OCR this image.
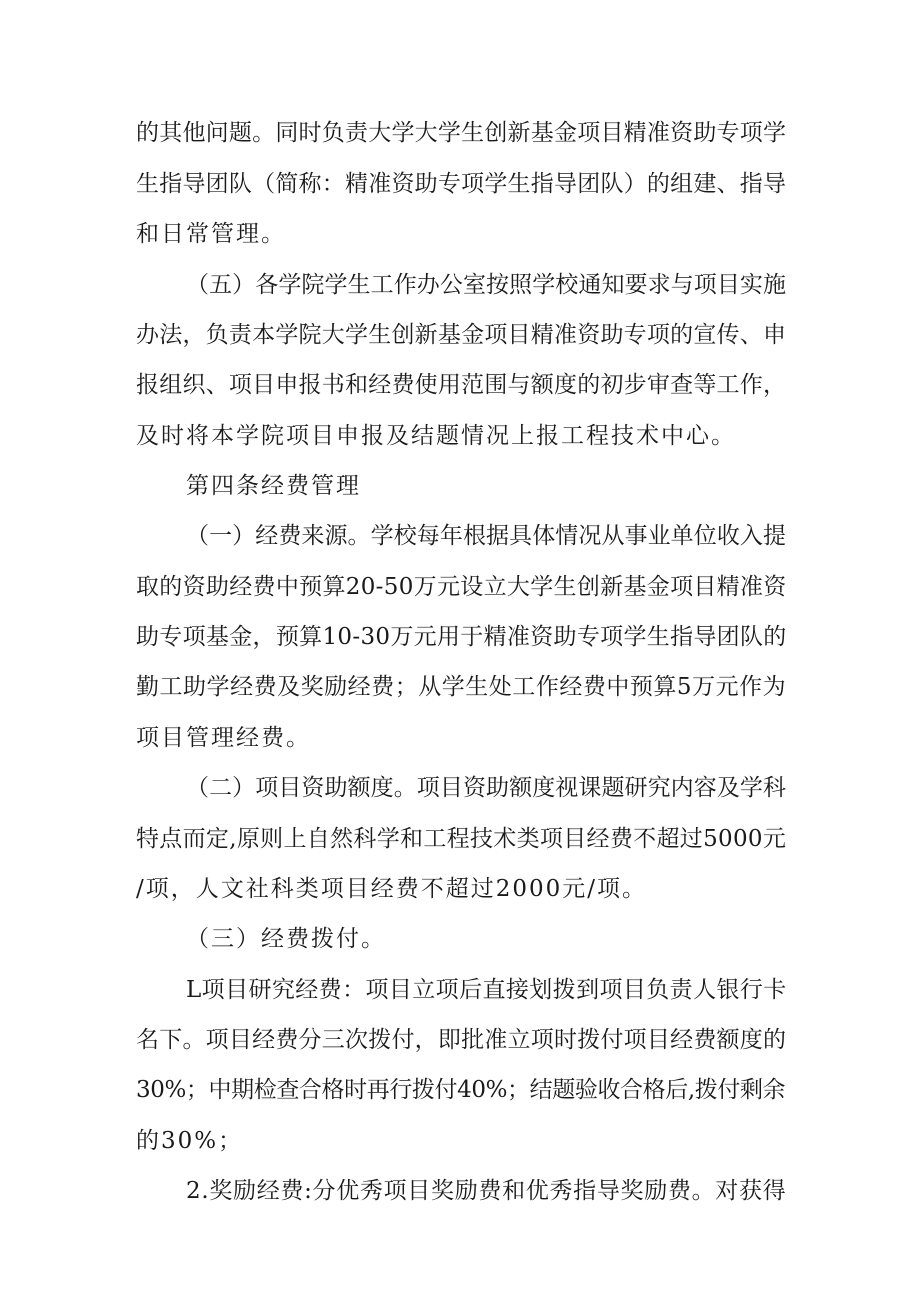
的其他问题。同时负责大学大学生创新基金项目精准资助专项学
生指导团队（简称：精准资助专项学生指导团队）的组建、指导
和日常管理。
（五）各学院学生工作办公室按照学校通知要求与项目实施
办法，负责本学院大学生创新基金项目精准资助专项的宣传、申
报组织、项目申报书和经费使用范围与额度的初步审查等工作，
及时将本学院项目申报及结题情况上报工程技术中心。
第四条经费管理
（一）经费来源。学校每年根据具体情况从事业单位收入提
取的资助经费中预算20-50万元设立大学生创新基金项目精准资
助专项基金，预算10-30万元用于精准资助专项学生指导团队的
勤工助学经费及奖励经费；从学生处工作经费中预算5万元作为
项目管理经费。
（二）项目资助额度。项目资助额度视课题研究内容及学科
特点而定,原则上自然科学和工程技术类项目经费不超过5000元
/项，人文社科类项目经费不超过2000元/项。
（三）经费拨付。
L项目研究经费：项目立项后直接划拨到项目负责人银行卡
名下。项目经费分三次拨付，即批准立项时拨付项目经费额度的
30%；中期检查合格时再行拨付40%；结题验收合格后,拨付剩余
的30%；
2.奖励经费:分优秀项目奖励费和优秀指导奖励费。对获得
